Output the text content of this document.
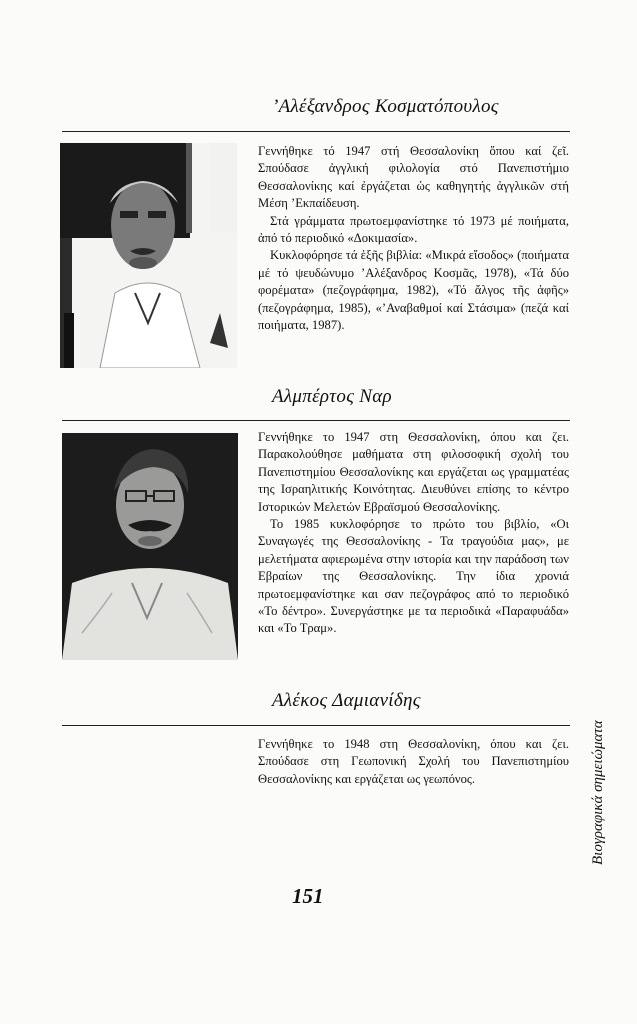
’Αλέξανδρος Κοσματόπουλος

Γεννήθηκε τό 1947 στή Θεσσαλονίκη ὅπου καί ζεῖ. Σπούδασε ἀγγλική φιλολογία στό Πανεπιστήμιο Θεσσαλονίκης καί ἐργάζεται ὡς καθηγητής ἀγγλικῶν στή Μέση ’Εκπαίδευση.

Στά γράμματα πρωτοεμφανίστηκε τό 1973 μέ ποιήματα, ἀπό τό περιοδικό «Δοκιμασία».

Κυκλοφόρησε τά ἑξῆς βιβλία: «Μικρά εἴσοδος» (ποιήματα μέ τό ψευδώνυμο ’Αλέξανδρος Κοσμᾶς, 1978), «Τά δύο φορέματα» (πεζογράφημα, 1982), «Τό ἄλγος τῆς ἀφῆς» (πεζογράφημα, 1985), «’Αναβαθμοί καί Στάσιμα» (πεζά καί ποιήματα, 1987).

Αλμπέρτος Ναρ

Γεννήθηκε το 1947 στη Θεσσαλονίκη, όπου και ζει. Παρακολούθησε μαθήματα στη φιλοσοφική σχολή του Πανεπιστημίου Θεσσαλονίκης και εργάζεται ως γραμματέας της Ισραηλιτικής Κοινότητας. Διευθύνει επίσης το κέντρο Ιστορικών Μελετών Εβραϊσμού Θεσσαλονίκης.

Το 1985 κυκλοφόρησε το πρώτο του βιβλίο, «Οι Συναγωγές της Θεσσαλονίκης - Τα τραγούδια μας», με μελετήματα αφιερωμένα στην ιστορία και την παράδοση των Εβραίων της Θεσσαλονίκης. Την ίδια χρονιά πρωτοεμφανίστηκε και σαν πεζογράφος από το περιοδικό «Το δέντρο». Συνεργάστηκε με τα περιοδικά «Παραφυάδα» και «Το Τραμ».

Αλέκος Δαμιανίδης

Γεννήθηκε το 1948 στη Θεσσαλονίκη, όπου και ζει. Σπούδασε στη Γεωπονική Σχολή του Πανεπιστημίου Θεσσαλονίκης και εργάζεται ως γεωπόνος.

151
Βιογραφικά σημειώματα
